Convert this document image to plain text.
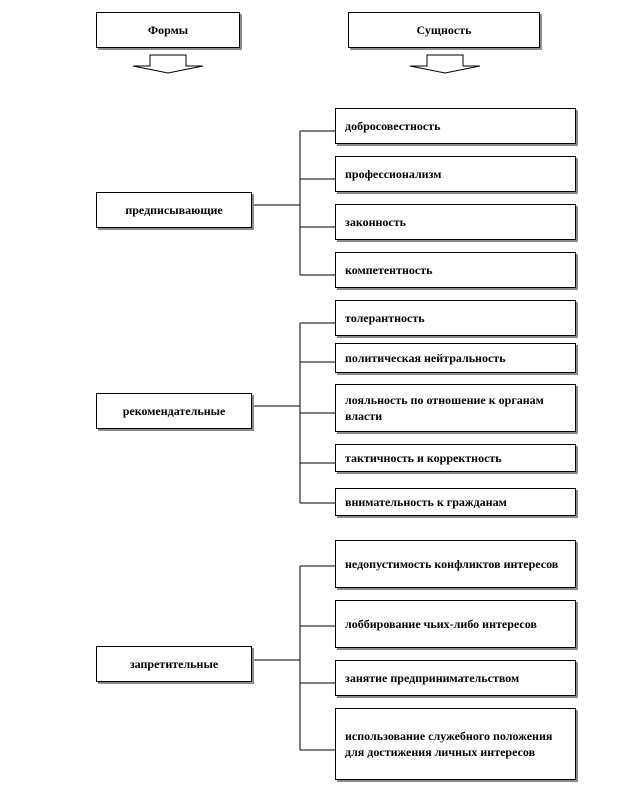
Формы	Сущность
предписывающие
рекомендательные
запретительные
добросовестность
профессионализм
законность
компетентность
толерантность
политическая нейтральность
лояльность по отношение к органам власти
тактичность и корректность
внимательность к гражданам
недопустимость конфликтов интересов
лоббирование чьих-либо интересов
занятие предпринимательством
использование служебного положения для достижения личных интересов
